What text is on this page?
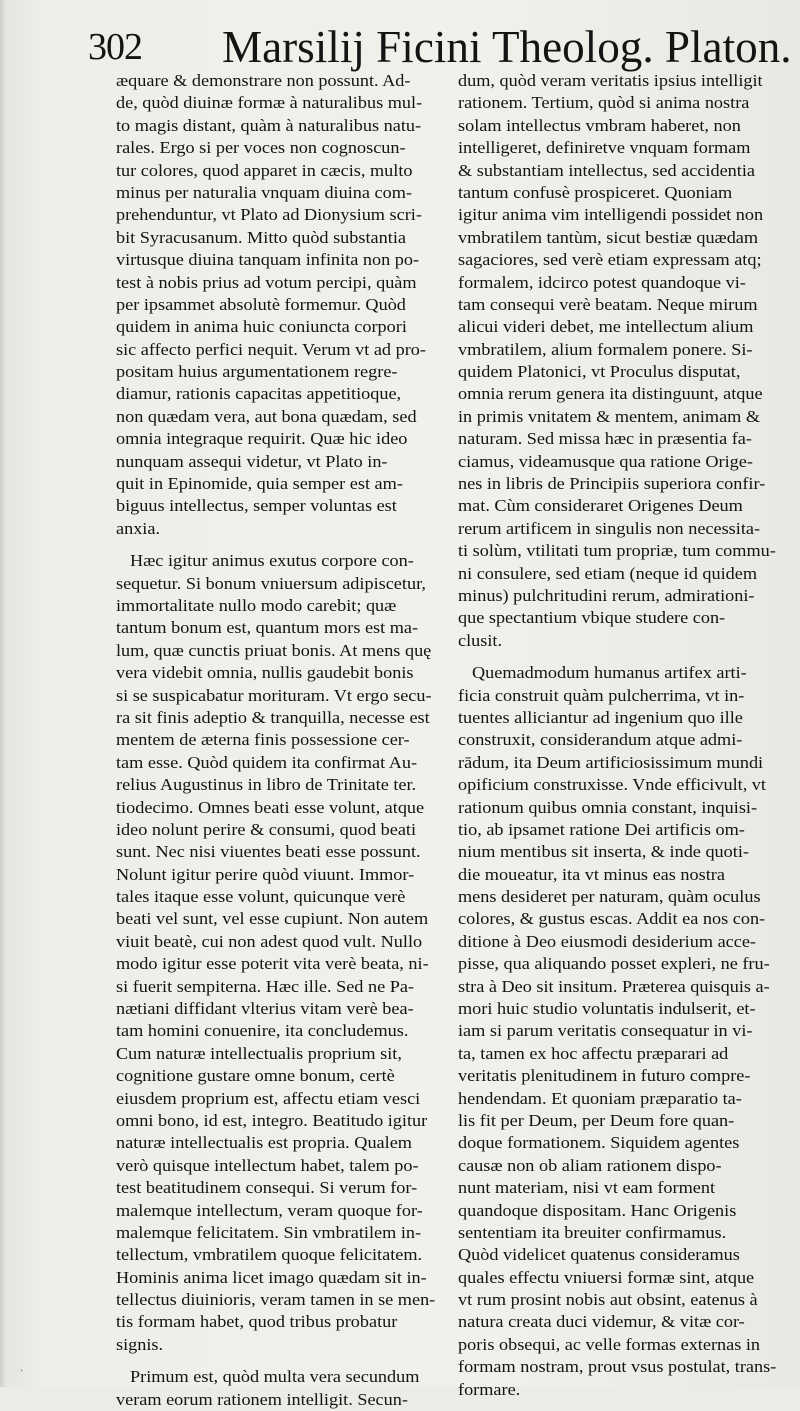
302 Marsilij Ficini Theolog. Platon.
æquare & demonstrare non possunt. Ad-
de, quòd diuinæ formæ à naturalibus mul-
to magis distant, quàm à naturalibus natu-
rales. Ergo si per voces non cognoscun-
tur colores, quod apparet in cæcis, multo
minus per naturalia vnquam diuina com-
prehenduntur, vt Plato ad Dionysium scri-
bit Syracusanum. Mitto quòd substantia
virtusque diuina tanquam infinita non po-
test à nobis prius ad votum percipi, quàm
per ipsammet absolutè formemur. Quòd
quidem in anima huic coniuncta corpori
sic affecto perfici nequit. Verum vt ad pro-
positam huius argumentationem regre-
diamur, rationis capacitas appetitioque,
non quædam vera, aut bona quædam, sed
omnia integraque requirit. Quæ hic ideo
nunquam assequi videtur, vt Plato in-
quit in Epinomide, quia semper est am-
biguus intellectus, semper voluntas est
anxia.
Hæc igitur animus exutus corpore con-
sequetur. Si bonum vniuersum adipiscetur,
immortalitate nullo modo carebit; quæ
tantum bonum est, quantum mors est ma-
lum, quæ cunctis priuat bonis. At mens quę
vera videbit omnia, nullis gaudebit bonis
si se suspicabatur morituram. Vt ergo secu-
ra sit finis adeptio & tranquilla, necesse est
mentem de æterna finis possessione cer-
tam esse. Quòd quidem ita confirmat Au-
relius Augustinus in libro de Trinitate ter.
tiodecimo. Omnes beati esse volunt, atque
ideo nolunt perire & consumi, quod beati
sunt. Nec nisi viuentes beati esse possunt.
Nolunt igitur perire quòd viuunt. Immor-
tales itaque esse volunt, quicunque verè
beati vel sunt, vel esse cupiunt. Non autem
viuit beatè, cui non adest quod vult. Nullo
modo igitur esse poterit vita verè beata, ni-
si fuerit sempiterna. Hæc ille. Sed ne Pa-
nætiani diffidant vlterius vitam verè bea-
tam homini conuenire, ita concludemus.
Cum naturæ intellectualis proprium sit,
cognitione gustare omne bonum, certè
eiusdem proprium est, affectu etiam vesci
omni bono, id est, integro. Beatitudo igitur
naturæ intellectualis est propria. Qualem
verò quisque intellectum habet, talem po-
test beatitudinem consequi. Si verum for-
malemque intellectum, veram quoque for-
malemque felicitatem. Sin vmbratilem in-
tellectum, vmbratilem quoque felicitatem.
Hominis anima licet imago quædam sit in-
tellectus diuinioris, veram tamen in se men-
tis formam habet, quod tribus probatur
signis.
Primum est, quòd multa vera secundum
veram eorum rationem intelligit. Secun-
dum, quòd veram veritatis ipsius intelligit
rationem. Tertium, quòd si anima nostra
solam intellectus vmbram haberet, non
intelligeret, definiretve vnquam formam
& substantiam intellectus, sed accidentia
tantum confusè prospiceret. Quoniam
igitur anima vim intelligendi possidet non
vmbratilem tantùm, sicut bestiæ quædam
sagaciores, sed verè etiam expressam atq;
formalem, idcirco potest quandoque vi-
tam consequi verè beatam. Neque mirum
alicui videri debet, me intellectum alium
vmbratilem, alium formalem ponere. Si-
quidem Platonici, vt Proculus disputat,
omnia rerum genera ita distinguunt, atque
in primis vnitatem & mentem, animam &
naturam. Sed missa hæc in præsentia fa-
ciamus, videamusque qua ratione Orige-
nes in libris de Principiis superiora confir-
mat. Cùm consideraret Origenes Deum
rerum artificem in singulis non necessita-
ti solùm, vtilitati tum propriæ, tum commu-
ni consulere, sed etiam (neque id quidem
minus) pulchritudini rerum, admirationi-
que spectantium vbique studere con-
clusit.
Quemadmodum humanus artifex arti-
ficia construit quàm pulcherrima, vt in-
tuentes alliciantur ad ingenium quo ille
construxit, considerandum atque admi-
rādum, ita Deum artificiosissimum mundi
opificium construxisse. Vnde efficivult, vt
rationum quibus omnia constant, inquisi-
tio, ab ipsamet ratione Dei artificis om-
nium mentibus sit inserta, & inde quoti-
die moueatur, ita vt minus eas nostra
mens desideret per naturam, quàm oculus
colores, & gustus escas. Addit ea nos con-
ditione à Deo eiusmodi desiderium acce-
pisse, qua aliquando posset expleri, ne fru-
stra à Deo sit insitum. Præterea quisquis a-
mori huic studio voluntatis indulserit, et-
iam si parum veritatis consequatur in vi-
ta, tamen ex hoc affectu præparari ad
veritatis plenitudinem in futuro compre-
hendendam. Et quoniam præparatio ta-
lis fit per Deum, per Deum fore quan-
doque formationem. Siquidem agentes
causæ non ob aliam rationem dispo-
nunt materiam, nisi vt eam forment
quandoque dispositam. Hanc Origenis
sententiam ita breuiter confirmamus.
Quòd videlicet quatenus consideramus
quales effectu vniuersi formæ sint, atque
vt rum prosint nobis aut obsint, eatenus à
natura creata duci videmur, & vitæ cor-
poris obsequi, ac velle formas externas in
formam nostram, prout vsus postulat, trans-
formare.
·
